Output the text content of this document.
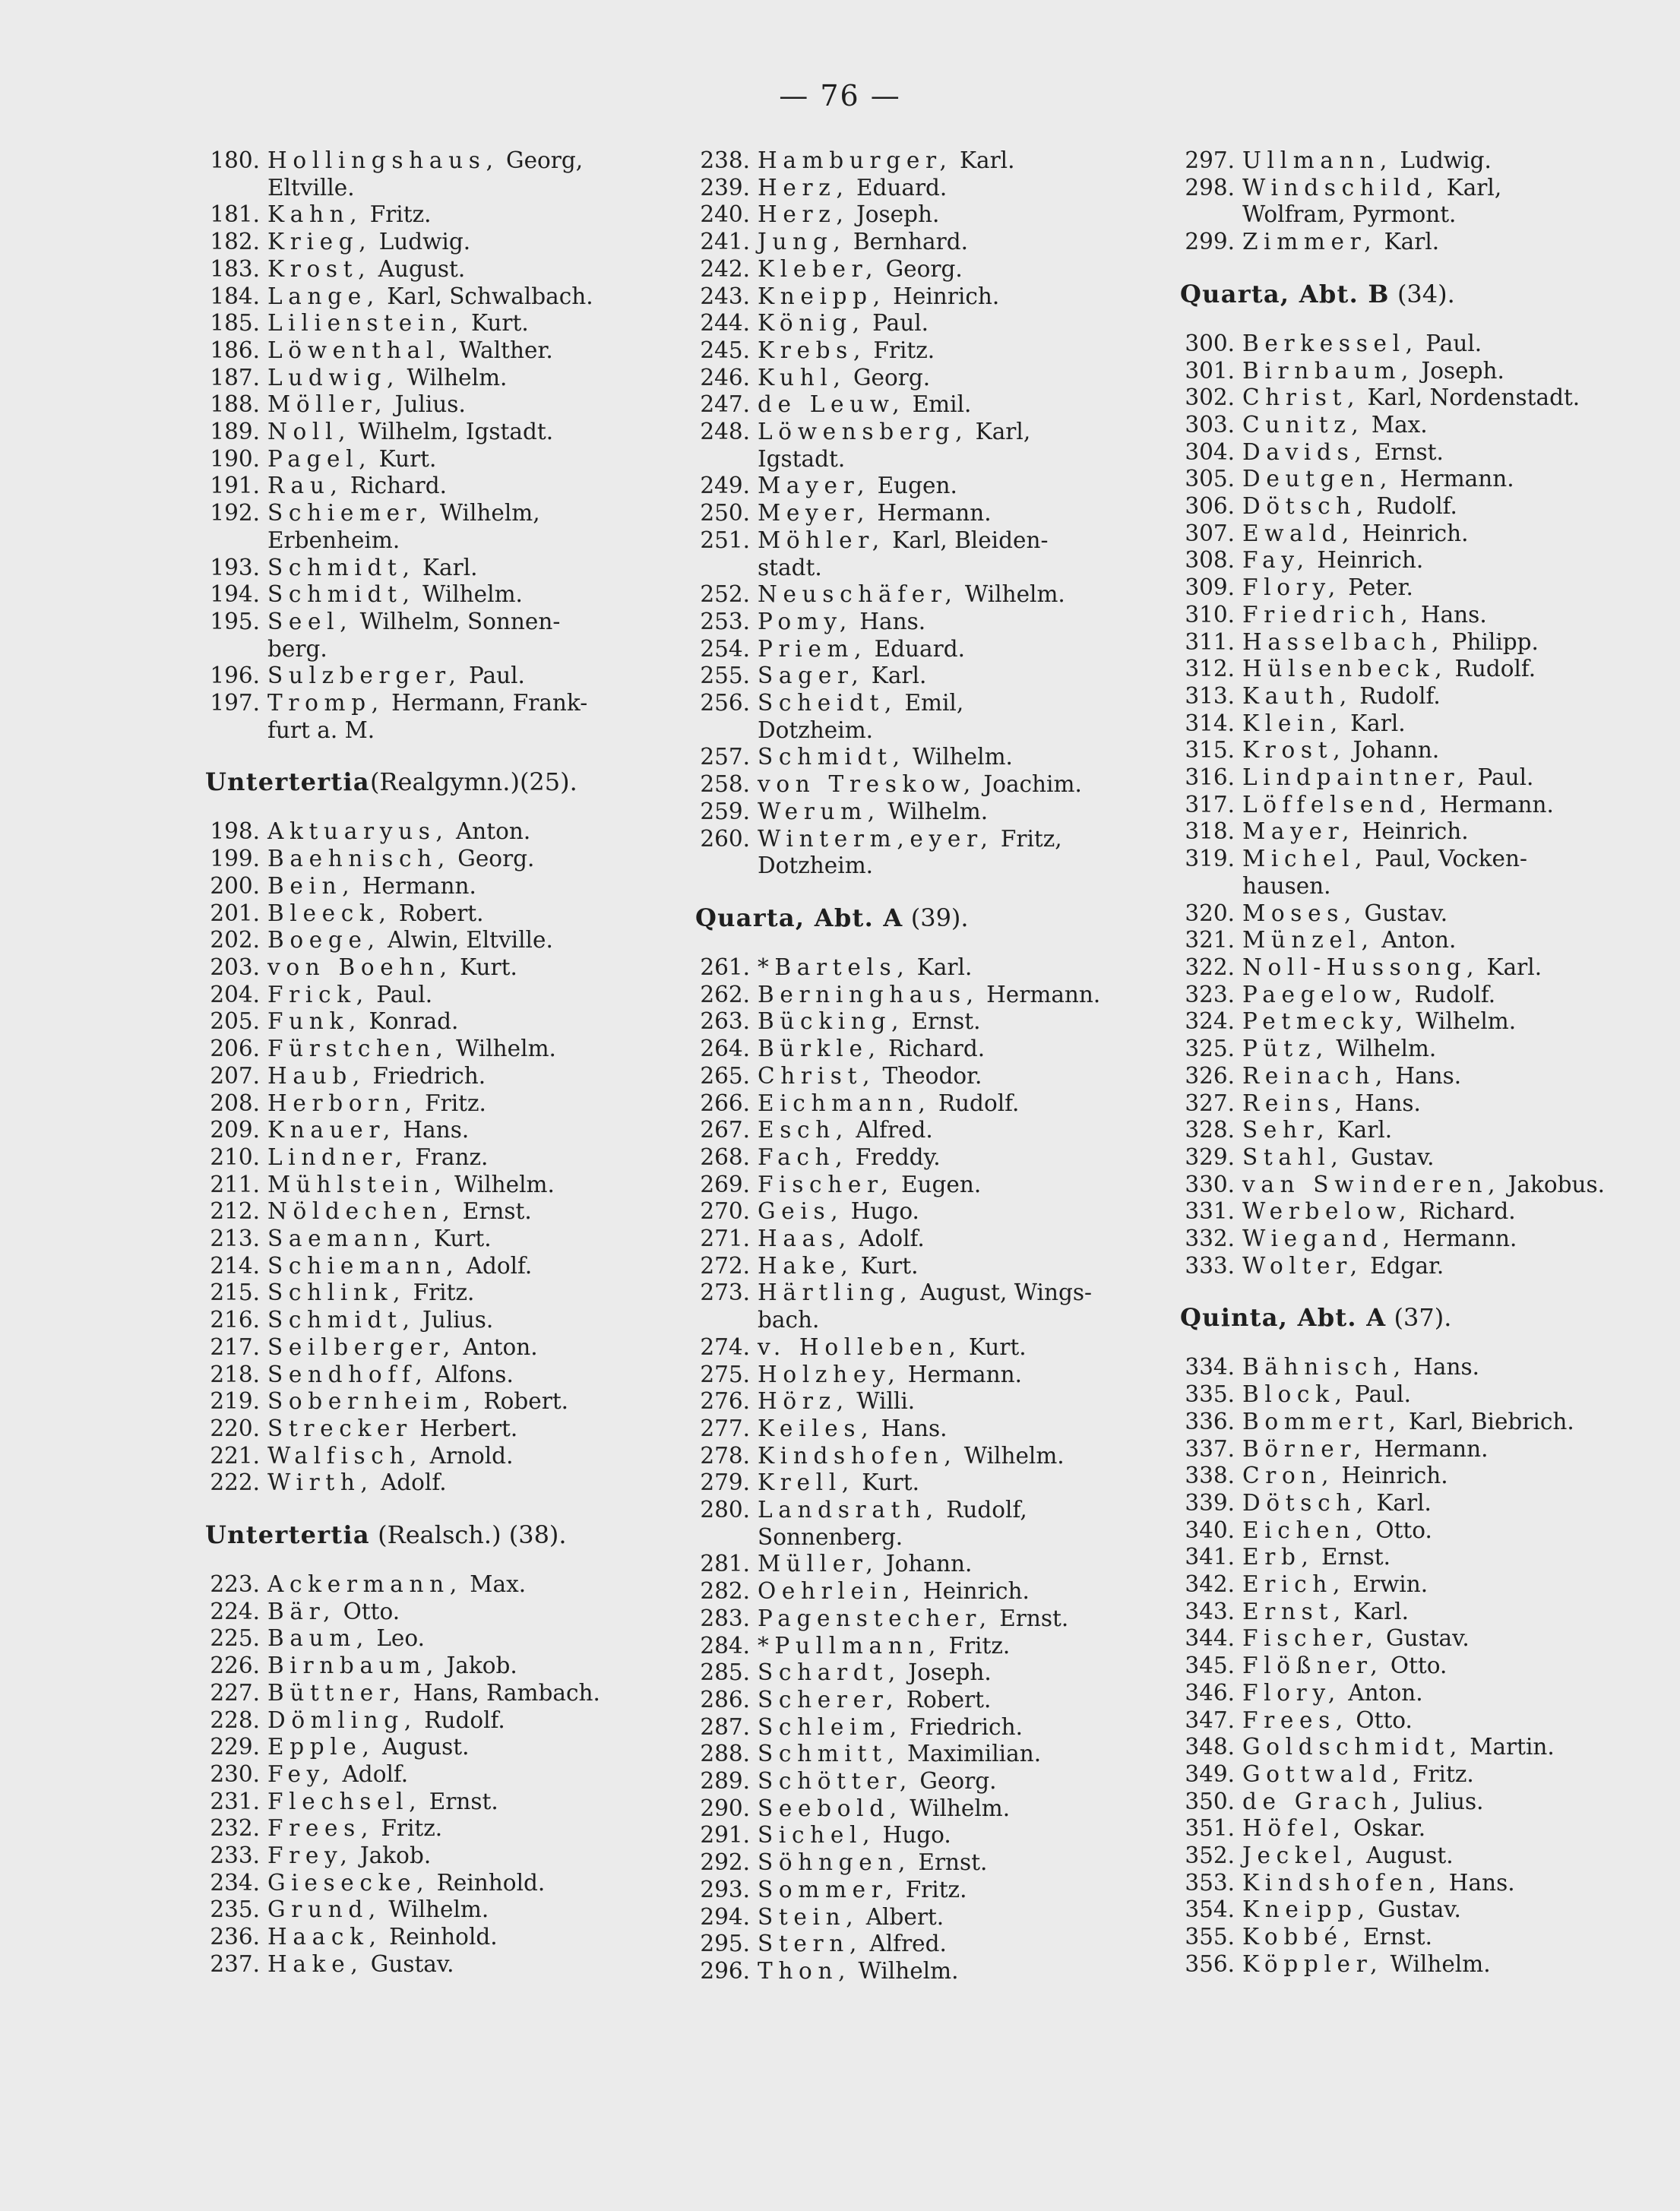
— 76 —
180. Hollingshaus, Georg,
Eltville.
181. Kahn, Fritz.
182. Krieg, Ludwig.
183. Krost, August.
184. Lange, Karl, Schwalbach.
185. Lilienstein, Kurt.
186. Löwenthal, Walther.
187. Ludwig, Wilhelm.
188. Möller, Julius.
189. Noll, Wilhelm, Igstadt.
190. Pagel, Kurt.
191. Rau, Richard.
192. Schiemer, Wilhelm,
Erbenheim.
193. Schmidt, Karl.
194. Schmidt, Wilhelm.
195. Seel, Wilhelm, Sonnen-
berg.
196. Sulzberger, Paul.
197. Tromp, Hermann, Frank-
furt a. M.
Untertertia(Realgymn.)(25).
198. Aktuaryus, Anton.
199. Baehnisch, Georg.
200. Bein, Hermann.
201. Bleeck, Robert.
202. Boege, Alwin, Eltville.
203. von Boehn, Kurt.
204. Frick, Paul.
205. Funk, Konrad.
206. Fürstchen, Wilhelm.
207. Haub, Friedrich.
208. Herborn, Fritz.
209. Knauer, Hans.
210. Lindner, Franz.
211. Mühlstein, Wilhelm.
212. Nöldechen, Ernst.
213. Saemann, Kurt.
214. Schiemann, Adolf.
215. Schlink, Fritz.
216. Schmidt, Julius.
217. Seilberger, Anton.
218. Sendhoff, Alfons.
219. Sobernheim, Robert.
220. Strecker Herbert.
221. Walfisch, Arnold.
222. Wirth, Adolf.
Untertertia (Realsch.) (38).
223. Ackermann, Max.
224. Bär, Otto.
225. Baum, Leo.
226. Birnbaum, Jakob.
227. Büttner, Hans, Rambach.
228. Dömling, Rudolf.
229. Epple, August.
230. Fey, Adolf.
231. Flechsel, Ernst.
232. Frees, Fritz.
233. Frey, Jakob.
234. Giesecke, Reinhold.
235. Grund, Wilhelm.
236. Haack, Reinhold.
237. Hake, Gustav.
238. Hamburger, Karl.
239. Herz, Eduard.
240. Herz, Joseph.
241. Jung, Bernhard.
242. Kleber, Georg.
243. Kneipp, Heinrich.
244. König, Paul.
245. Krebs, Fritz.
246. Kuhl, Georg.
247. de Leuw, Emil.
248. Löwensberg, Karl,
Igstadt.
249. Mayer, Eugen.
250. Meyer, Hermann.
251. Möhler, Karl, Bleiden-
stadt.
252. Neuschäfer, Wilhelm.
253. Pomy, Hans.
254. Priem, Eduard.
255. Sager, Karl.
256. Scheidt, Emil,
Dotzheim.
257. Schmidt, Wilhelm.
258. von Treskow, Joachim.
259. Werum, Wilhelm.
260. Winterm,eyer, Fritz,
Dotzheim.
Quarta, Abt. A (39).
261. *Bartels, Karl.
262. Berninghaus, Hermann.
263. Bücking, Ernst.
264. Bürkle, Richard.
265. Christ, Theodor.
266. Eichmann, Rudolf.
267. Esch, Alfred.
268. Fach, Freddy.
269. Fischer, Eugen.
270. Geis, Hugo.
271. Haas, Adolf.
272. Hake, Kurt.
273. Härtling, August, Wings-
bach.
274. v. Holleben, Kurt.
275. Holzhey, Hermann.
276. Hörz, Willi.
277. Keiles, Hans.
278. Kindshofen, Wilhelm.
279. Krell, Kurt.
280. Landsrath, Rudolf,
Sonnenberg.
281. Müller, Johann.
282. Oehrlein, Heinrich.
283. Pagenstecher, Ernst.
284. *Pullmann, Fritz.
285. Schardt, Joseph.
286. Scherer, Robert.
287. Schleim, Friedrich.
288. Schmitt, Maximilian.
289. Schötter, Georg.
290. Seebold, Wilhelm.
291. Sichel, Hugo.
292. Söhngen, Ernst.
293. Sommer, Fritz.
294. Stein, Albert.
295. Stern, Alfred.
296. Thon, Wilhelm.
297. Ullmann, Ludwig.
298. Windschild, Karl,
Wolfram, Pyrmont.
299. Zimmer, Karl.
Quarta, Abt. B (34).
300. Berkessel, Paul.
301. Birnbaum, Joseph.
302. Christ, Karl, Nordenstadt.
303. Cunitz, Max.
304. Davids, Ernst.
305. Deutgen, Hermann.
306. Dötsch, Rudolf.
307. Ewald, Heinrich.
308. Fay, Heinrich.
309. Flory, Peter.
310. Friedrich, Hans.
311. Hasselbach, Philipp.
312. Hülsenbeck, Rudolf.
313. Kauth, Rudolf.
314. Klein, Karl.
315. Krost, Johann.
316. Lindpaintner, Paul.
317. Löffelsend, Hermann.
318. Mayer, Heinrich.
319. Michel, Paul, Vocken-
hausen.
320. Moses, Gustav.
321. Münzel, Anton.
322. Noll-Hussong, Karl.
323. Paegelow, Rudolf.
324. Petmecky, Wilhelm.
325. Pütz, Wilhelm.
326. Reinach, Hans.
327. Reins, Hans.
328. Sehr, Karl.
329. Stahl, Gustav.
330. van Swinderen, Jakobus.
331. Werbelow, Richard.
332. Wiegand, Hermann.
333. Wolter, Edgar.
Quinta, Abt. A (37).
334. Bähnisch, Hans.
335. Block, Paul.
336. Bommert, Karl, Biebrich.
337. Börner, Hermann.
338. Cron, Heinrich.
339. Dötsch, Karl.
340. Eichen, Otto.
341. Erb, Ernst.
342. Erich, Erwin.
343. Ernst, Karl.
344. Fischer, Gustav.
345. Flößner, Otto.
346. Flory, Anton.
347. Frees, Otto.
348. Goldschmidt, Martin.
349. Gottwald, Fritz.
350. de Grach, Julius.
351. Höfel, Oskar.
352. Jeckel, August.
353. Kindshofen, Hans.
354. Kneipp, Gustav.
355. Kobbé, Ernst.
356. Köppler, Wilhelm.
